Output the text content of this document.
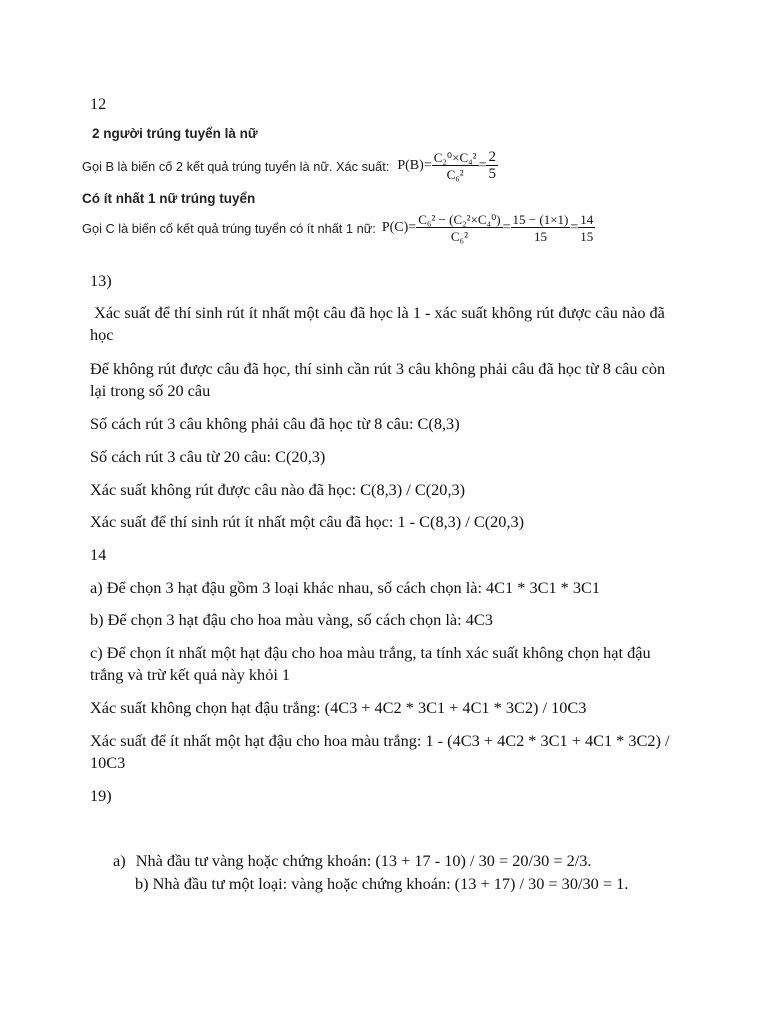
12
2 người trúng tuyển là nữ
Gọi B là biến cố 2 kết quả trúng tuyển là nữ. Xác suất: $P(B)= \frac{\text{C₂⁰×C₄²}}{\text{C₆²}} = \frac{2}{5}$
Có ít nhất 1 nữ trúng tuyển
Gọi C là biến cố kết quả trúng tuyển có ít nhất 1 nữ: $P(C)= \frac{\text{C₆² − (C₂²×C₄⁰)}}{\text{C₆²}} = \frac{15 - (1\times 1)}{15} = \frac{14}{15}$
13)
Xác suất để thí sinh rút ít nhất một câu đã học là 1 - xác suất không rút được câu nào đã học
Để không rút được câu đã học, thí sinh cần rút 3 câu không phải câu đã học từ 8 câu còn lại trong số 20 câu
Số cách rút 3 câu không phải câu đã học từ 8 câu: C(8,3)
Số cách rút 3 câu từ 20 câu: C(20,3)
Xác suất không rút được câu nào đã học: C(8,3) / C(20,3)
Xác suất để thí sinh rút ít nhất một câu đã học: 1 - C(8,3) / C(20,3)
14
a) Để chọn 3 hạt đậu gồm 3 loại khác nhau, số cách chọn là: 4C1 * 3C1 * 3C1
b) Để chọn 3 hạt đậu cho hoa màu vàng, số cách chọn là: 4C3
c) Để chọn ít nhất một hạt đậu cho hoa màu trắng, ta tính xác suất không chọn hạt đậu trắng và trừ kết quả này khỏi 1
Xác suất không chọn hạt đậu trắng: (4C3 + 4C2 * 3C1 + 4C1 * 3C2) / 10C3
Xác suất để ít nhất một hạt đậu cho hoa màu trắng: 1 - (4C3 + 4C2 * 3C1 + 4C1 * 3C2) / 10C3
19)
a) Nhà đầu tư vàng hoặc chứng khoán: (13 + 17 - 10) / 30 = 20/30 = 2/3.
b) Nhà đầu tư một loại: vàng hoặc chứng khoán: (13 + 17) / 30 = 30/30 = 1.
